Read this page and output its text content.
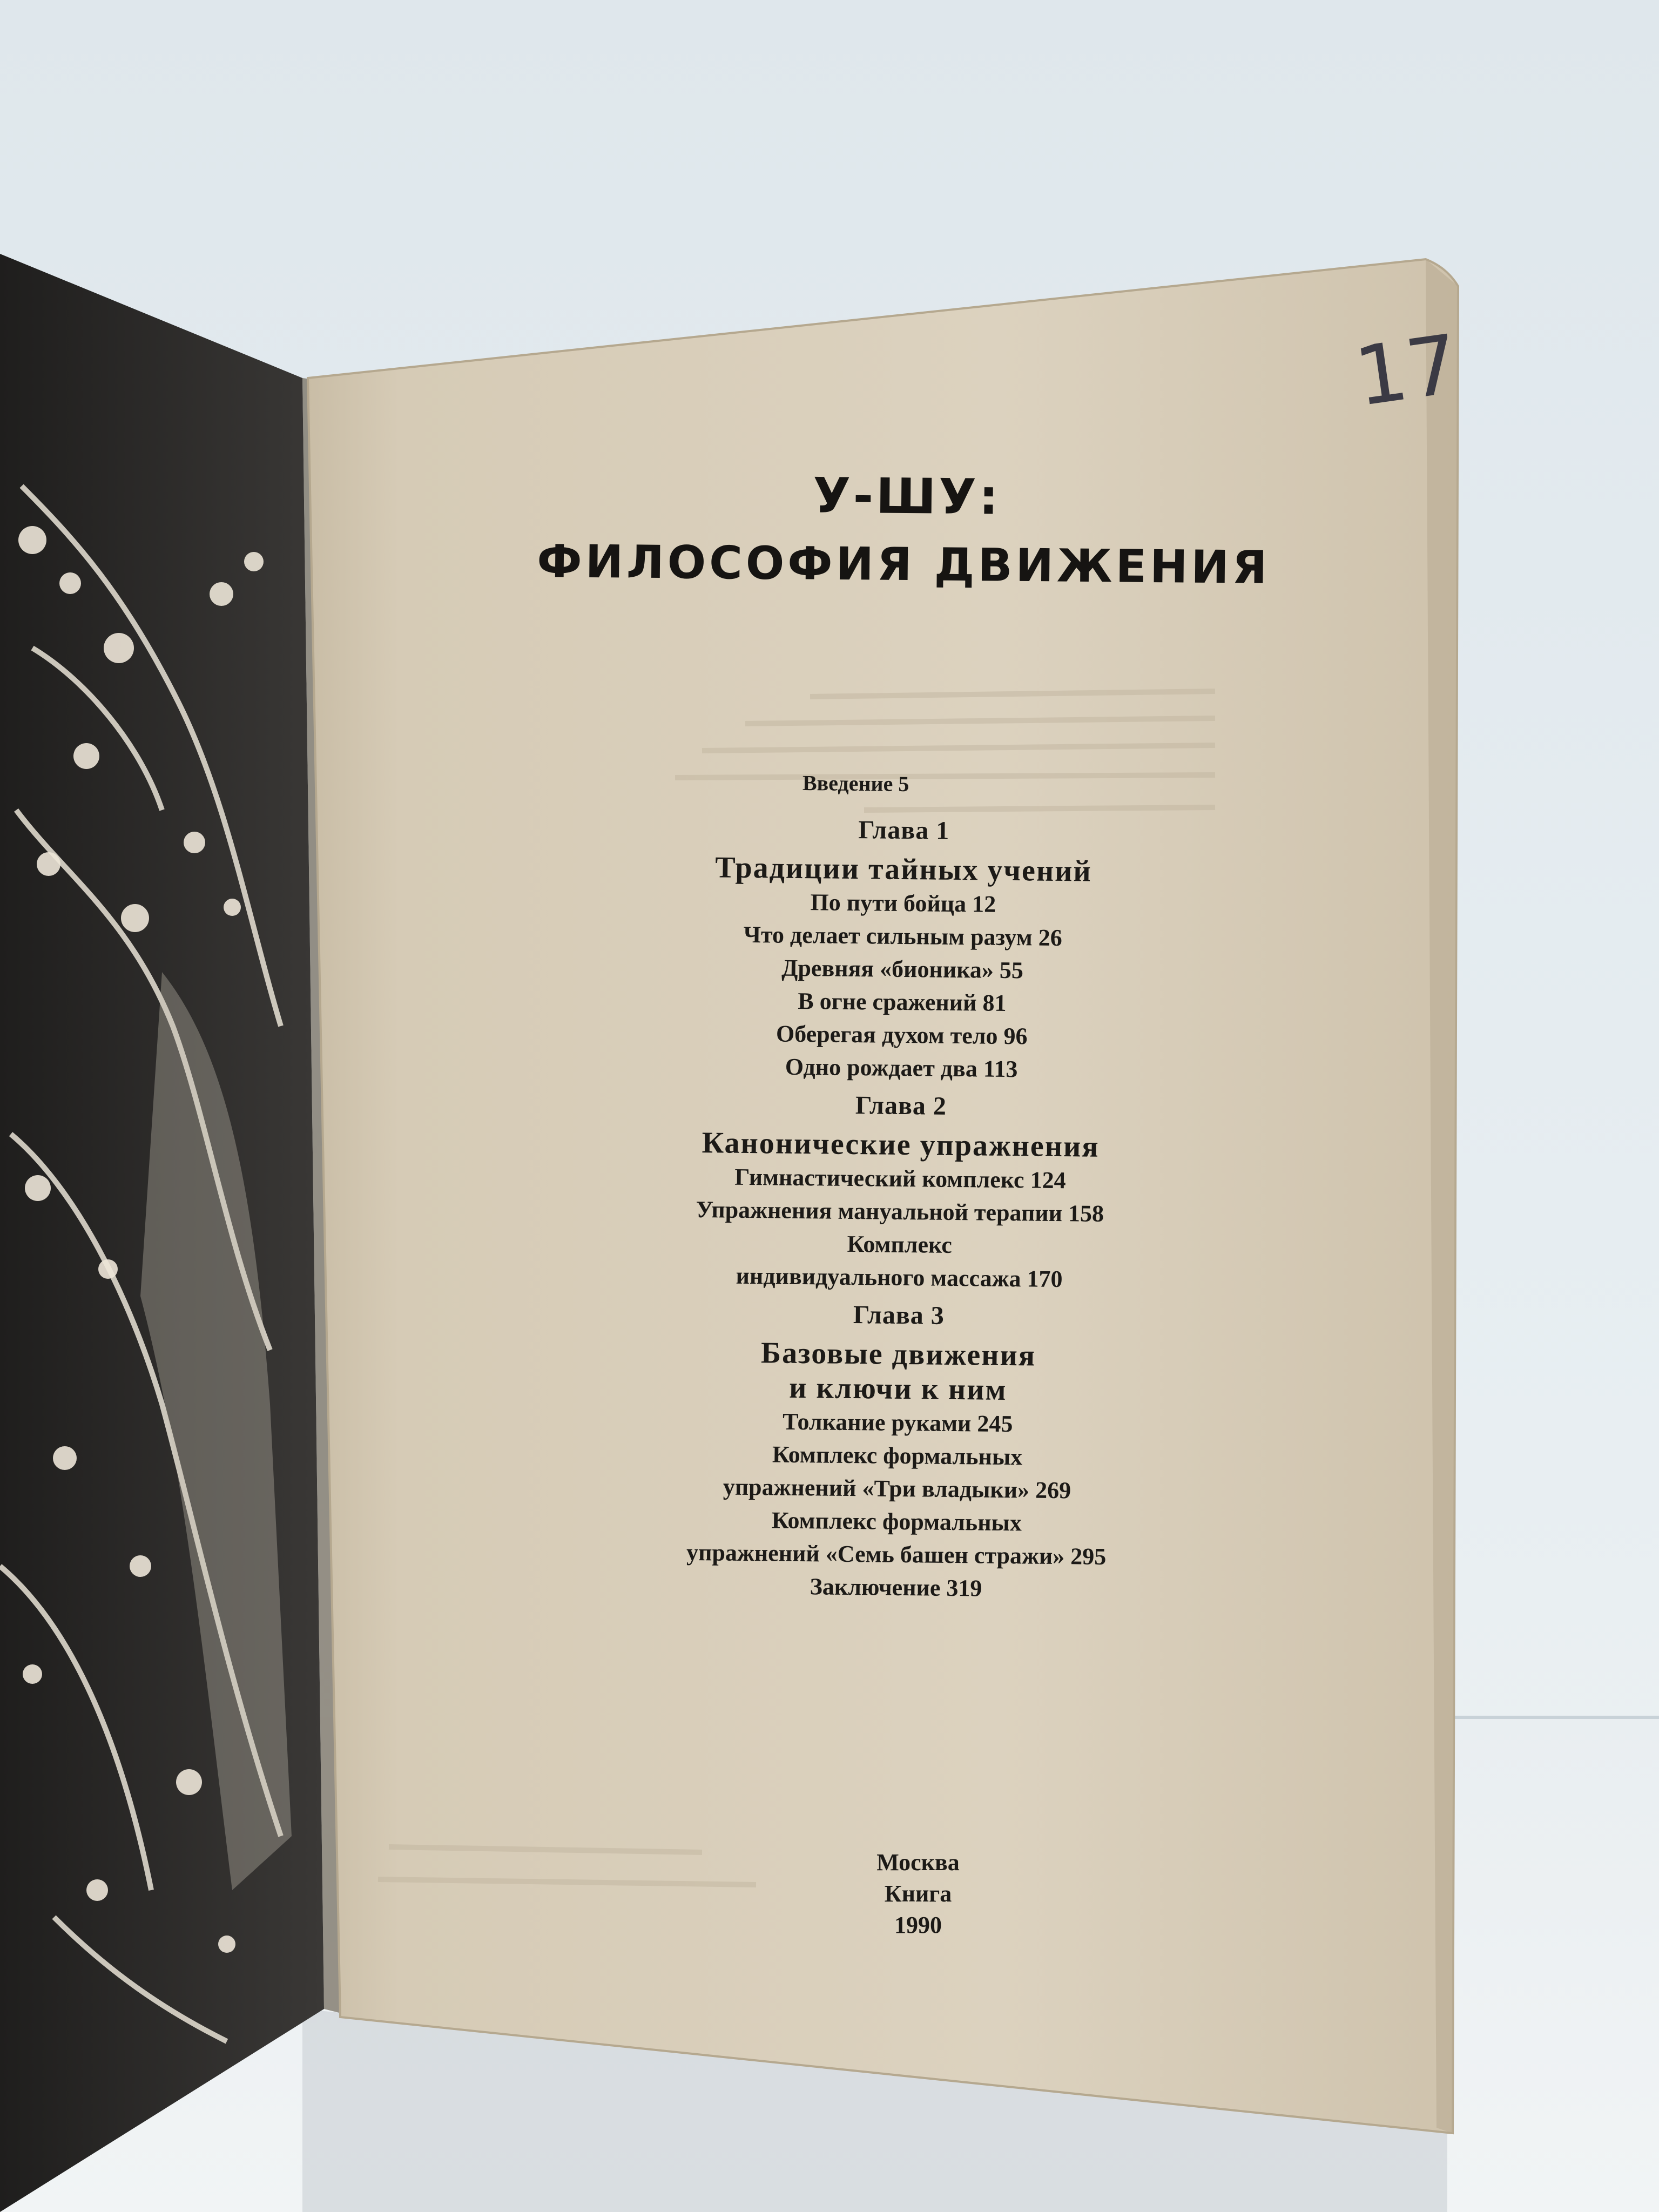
17
У-ШУ:
ФИЛОСОФИЯ ДВИЖЕНИЯ
Введение 5
Глава 1
Традиции тайных учений
По пути бойца 12
Что делает сильным разум 26
Древняя «бионика» 55
В огне сражений 81
Оберегая духом тело 96
Одно рождает два 113
Глава 2
Канонические упражнения
Гимнастический комплекс 124
Упражнения мануальной терапии 158
Комплекс
индивидуального массажа 170
Глава 3
Базовые движения
и ключи к ним
Толкание руками 245
Комплекс формальных
упражнений «Три владыки» 269
Комплекс формальных
упражнений «Семь башен стражи» 295
Заключение 319
Москва
Книга
1990
